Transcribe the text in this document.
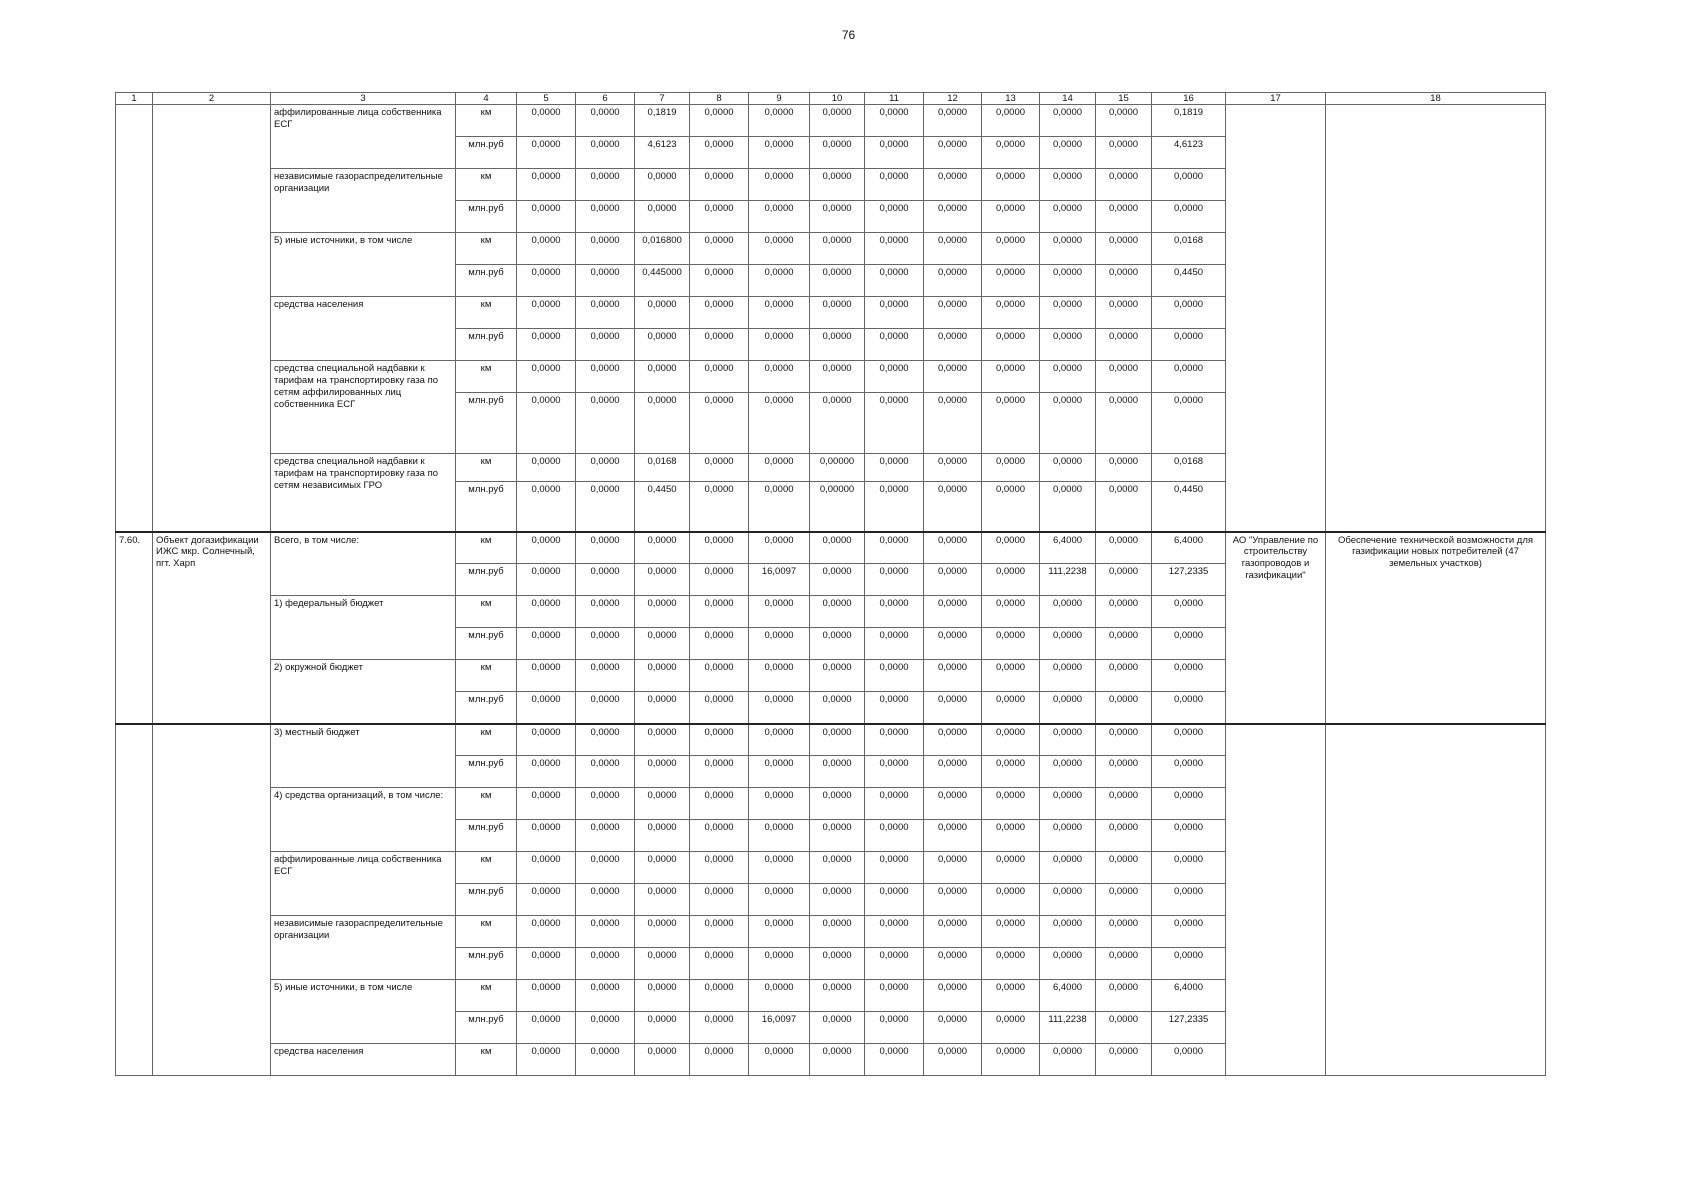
76
1	2	3	4	5	6	7	8	9	10	11	12	13	14	15	16	17	18
		аффилированные лица собственника ЕСГ	км	0,0000	0,0000	0,1819	0,0000	0,0000	0,0000	0,0000	0,0000	0,0000	0,0000	0,0000	0,1819		
			млн.руб	0,0000	0,0000	4,6123	0,0000	0,0000	0,0000	0,0000	0,0000	0,0000	0,0000	0,0000	4,6123		
		независимые газораспределительные организации	км	0,0000	0,0000	0,0000	0,0000	0,0000	0,0000	0,0000	0,0000	0,0000	0,0000	0,0000	0,0000		
			млн.руб	0,0000	0,0000	0,0000	0,0000	0,0000	0,0000	0,0000	0,0000	0,0000	0,0000	0,0000	0,0000		
		5) иные источники, в том числе	км	0,0000	0,0000	0,016800	0,0000	0,0000	0,0000	0,0000	0,0000	0,0000	0,0000	0,0000	0,0168		
			млн.руб	0,0000	0,0000	0,445000	0,0000	0,0000	0,0000	0,0000	0,0000	0,0000	0,0000	0,0000	0,4450		
		средства населения	км	0,0000	0,0000	0,0000	0,0000	0,0000	0,0000	0,0000	0,0000	0,0000	0,0000	0,0000	0,0000		
			млн.руб	0,0000	0,0000	0,0000	0,0000	0,0000	0,0000	0,0000	0,0000	0,0000	0,0000	0,0000	0,0000		
		средства специальной надбавки к тарифам на транспортировку газа по сетям аффилированных лиц собственника ЕСГ	км	0,0000	0,0000	0,0000	0,0000	0,0000	0,0000	0,0000	0,0000	0,0000	0,0000	0,0000	0,0000		
			млн.руб	0,0000	0,0000	0,0000	0,0000	0,0000	0,0000	0,0000	0,0000	0,0000	0,0000	0,0000	0,0000		
		средства специальной надбавки к тарифам на транспортировку газа по сетям независимых ГРО	км	0,0000	0,0000	0,0168	0,0000	0,0000	0,00000	0,0000	0,0000	0,0000	0,0000	0,0000	0,0168		
			млн.руб	0,0000	0,0000	0,4450	0,0000	0,0000	0,00000	0,0000	0,0000	0,0000	0,0000	0,0000	0,4450		
7.60.	Объект догазификации ИЖС мкр. Солнечный, пгт. Харп	Всего, в том числе:	км	0,0000	0,0000	0,0000	0,0000	0,0000	0,0000	0,0000	0,0000	0,0000	6,4000	0,0000	6,4000	АО "Управление по строительству газопроводов и газификации"	Обеспечение технической возможности для газификации новых потребителей (47 земельных участков)
			млн.руб	0,0000	0,0000	0,0000	0,0000	16,0097	0,0000	0,0000	0,0000	0,0000	111,2238	0,0000	127,2335		
		1) федеральный бюджет	км	0,0000	0,0000	0,0000	0,0000	0,0000	0,0000	0,0000	0,0000	0,0000	0,0000	0,0000	0,0000		
			млн.руб	0,0000	0,0000	0,0000	0,0000	0,0000	0,0000	0,0000	0,0000	0,0000	0,0000	0,0000	0,0000		
		2) окружной бюджет	км	0,0000	0,0000	0,0000	0,0000	0,0000	0,0000	0,0000	0,0000	0,0000	0,0000	0,0000	0,0000		
			млн.руб	0,0000	0,0000	0,0000	0,0000	0,0000	0,0000	0,0000	0,0000	0,0000	0,0000	0,0000	0,0000		
		3) местный бюджет	км	0,0000	0,0000	0,0000	0,0000	0,0000	0,0000	0,0000	0,0000	0,0000	0,0000	0,0000	0,0000		
			млн.руб	0,0000	0,0000	0,0000	0,0000	0,0000	0,0000	0,0000	0,0000	0,0000	0,0000	0,0000	0,0000		
		4) средства организаций, в том числе:	км	0,0000	0,0000	0,0000	0,0000	0,0000	0,0000	0,0000	0,0000	0,0000	0,0000	0,0000	0,0000		
			млн.руб	0,0000	0,0000	0,0000	0,0000	0,0000	0,0000	0,0000	0,0000	0,0000	0,0000	0,0000	0,0000		
		аффилированные лица собственника ЕСГ	км	0,0000	0,0000	0,0000	0,0000	0,0000	0,0000	0,0000	0,0000	0,0000	0,0000	0,0000	0,0000		
			млн.руб	0,0000	0,0000	0,0000	0,0000	0,0000	0,0000	0,0000	0,0000	0,0000	0,0000	0,0000	0,0000		
		независимые газораспределительные организации	км	0,0000	0,0000	0,0000	0,0000	0,0000	0,0000	0,0000	0,0000	0,0000	0,0000	0,0000	0,0000		
			млн.руб	0,0000	0,0000	0,0000	0,0000	0,0000	0,0000	0,0000	0,0000	0,0000	0,0000	0,0000	0,0000		
		5) иные источники, в том числе	км	0,0000	0,0000	0,0000	0,0000	0,0000	0,0000	0,0000	0,0000	0,0000	6,4000	0,0000	6,4000		
			млн.руб	0,0000	0,0000	0,0000	0,0000	16,0097	0,0000	0,0000	0,0000	0,0000	111,2238	0,0000	127,2335		
		средства населения	км	0,0000	0,0000	0,0000	0,0000	0,0000	0,0000	0,0000	0,0000	0,0000	0,0000	0,0000	0,0000		
